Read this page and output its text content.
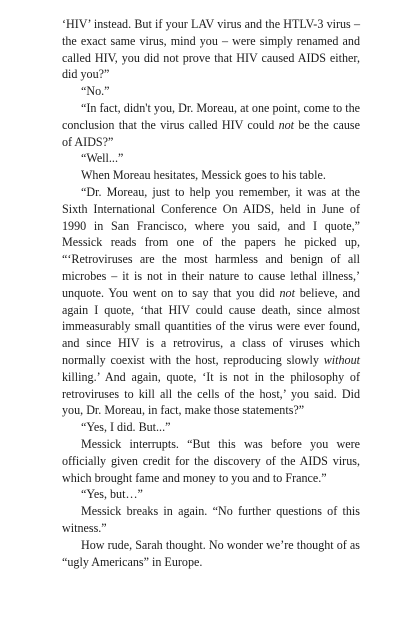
‘HIV’ instead. But if your LAV virus and the HTLV-3 virus – the exact same virus, mind you – were simply renamed and called HIV, you did not prove that HIV caused AIDS either, did you?”

“No.”

“In fact, didn't you, Dr. Moreau, at one point, come to the conclusion that the virus called HIV could not be the cause of AIDS?”

“Well...”

When Moreau hesitates, Messick goes to his table.

“Dr. Moreau, just to help you remember, it was at the Sixth International Conference On AIDS, held in June of 1990 in San Francisco, where you said, and I quote,” Messick reads from one of the papers he picked up, “‘Retroviruses are the most harmless and benign of all microbes – it is not in their nature to cause lethal illness,’ unquote. You went on to say that you did not believe, and again I quote, ‘that HIV could cause death, since almost immeasurably small quantities of the virus were ever found, and since HIV is a retrovirus, a class of viruses which normally coexist with the host, reproducing slowly without killing.’ And again, quote, ‘It is not in the philosophy of retroviruses to kill all the cells of the host,’ you said. Did you, Dr. Moreau, in fact, make those statements?”

“Yes, I did. But...”

Messick interrupts. “But this was before you were officially given credit for the discovery of the AIDS virus, which brought fame and money to you and to France.”

“Yes, but…”

Messick breaks in again. “No further questions of this witness.”

How rude, Sarah thought. No wonder we’re thought of as “ugly Americans” in Europe.
